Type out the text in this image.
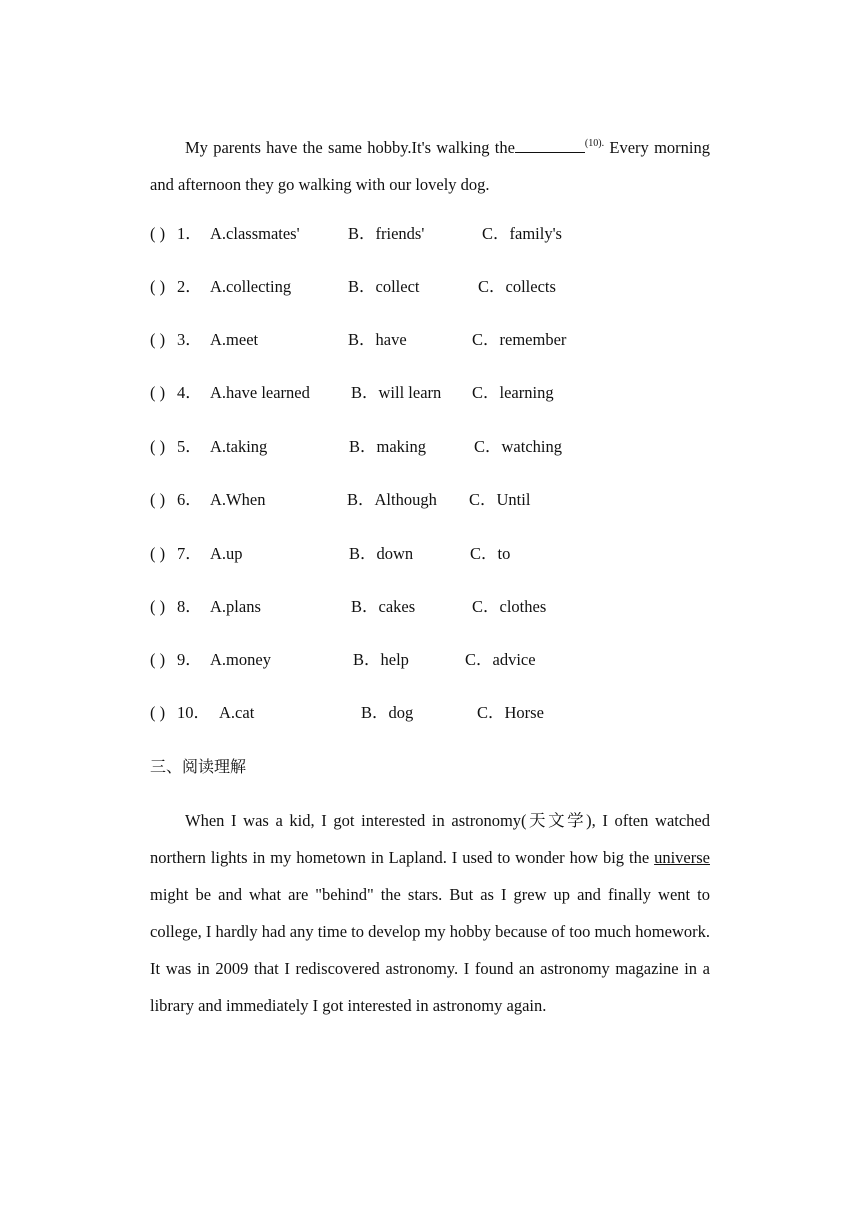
My parents have the same hobby.It's walking the	$^{(10).}$ Every morning and afternoon they go walking with our lovely dog.
( ) 1． A.classmates'	B．friends'	C．family's
( ) 2． A.collecting	B．collect	C．collects
( ) 3． A.meet	B．have	C．remember
( ) 4． A.have learned B．will learn C．learning
( ) 5． A.taking	B．making	C．watching
( ) 6． A.When	B．Although C．Until
( ) 7． A.up	B．down	C．to
( ) 8． A.plans	B．cakes	C．clothes
( ) 9． A.money	B．help	C．advice
( ) 10． A.cat	B．dog	C．Horse
三、阅读理解
When I was a kid, I got interested in astronomy(天文学), I often watched northern lights in my hometown in Lapland. I used to wonder how big the universe might be and what are "behind" the stars. But as I grew up and finally went to college, I hardly had any time to develop my hobby because of too much homework. It was in 2009 that I rediscovered astronomy. I found an astronomy magazine in a library and immediately I got interested in astronomy again.
